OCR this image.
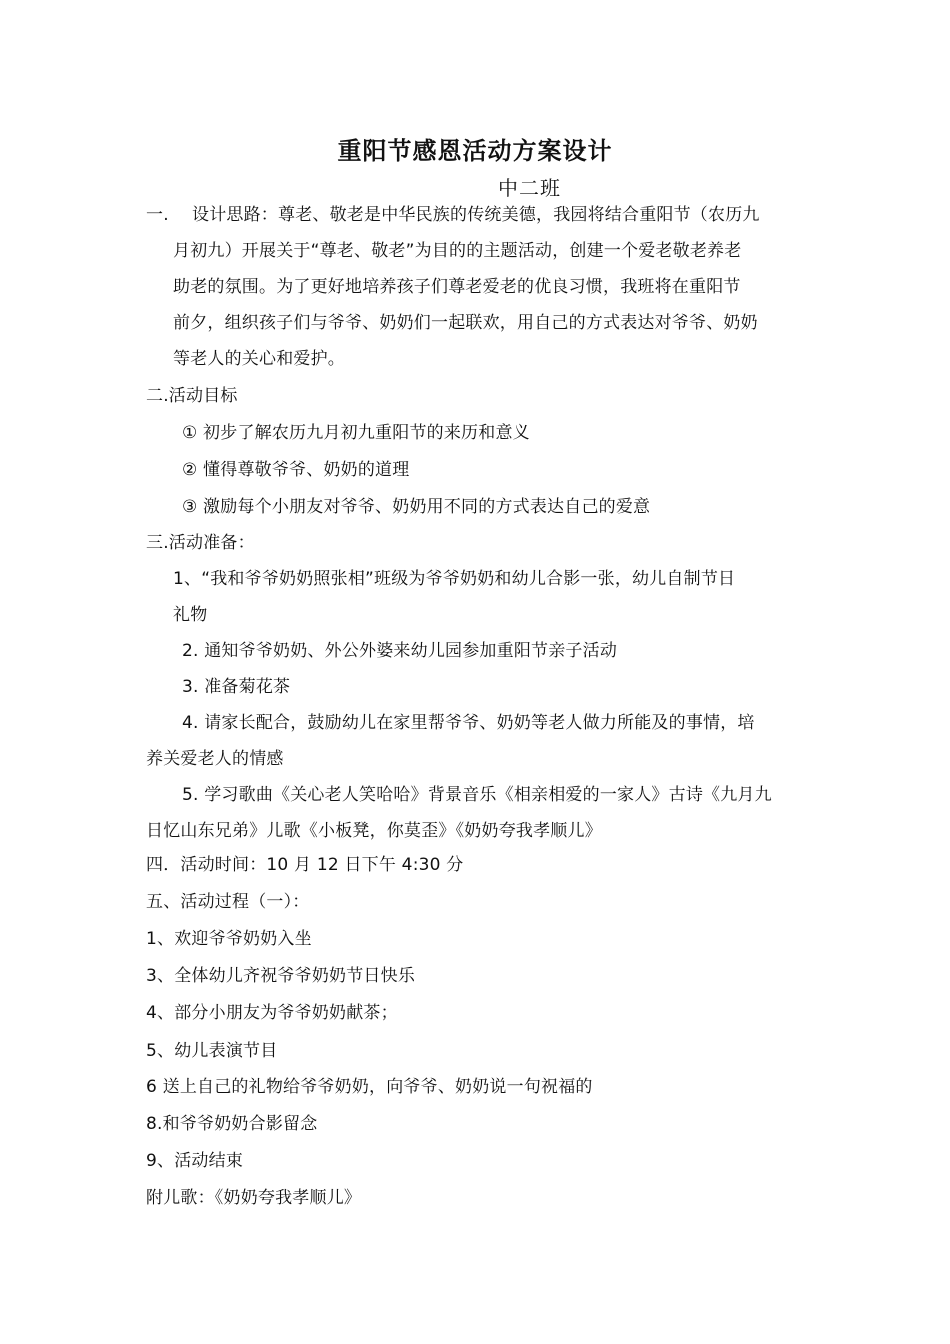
重阳节感恩活动方案设计
中二班
一. 设计思路：尊老、敬老是中华民族的传统美德，我园将结合重阳节（农历九
月初九）开展关于“尊老、敬老”为目的的主题活动，创建一个爱老敬老养老
助老的氛围。为了更好地培养孩子们尊老爱老的优良习惯，我班将在重阳节
前夕，组织孩子们与爷爷、奶奶们一起联欢，用自己的方式表达对爷爷、奶奶
等老人的关心和爱护。
二.活动目标
① 初步了解农历九月初九重阳节的来历和意义
② 懂得尊敬爷爷、奶奶的道理
③ 激励每个小朋友对爷爷、奶奶用不同的方式表达自己的爱意
三.活动准备：
1、“我和爷爷奶奶照张相”班级为爷爷奶奶和幼儿合影一张，幼儿自制节日
礼物
2. 通知爷爷奶奶、外公外婆来幼儿园参加重阳节亲子活动
3. 准备菊花茶
4. 请家长配合，鼓励幼儿在家里帮爷爷、奶奶等老人做力所能及的事情，培
养关爱老人的情感
5. 学习歌曲《关心老人笑哈哈》背景音乐《相亲相爱的一家人》古诗《九月九
日忆山东兄弟》儿歌《小板凳，你莫歪》《奶奶夸我孝顺儿》
四．活动时间：10 月 12 日下午 4:30 分
五、活动过程（一）：
1、欢迎爷爷奶奶入坐
3、全体幼儿齐祝爷爷奶奶节日快乐
4、部分小朋友为爷爷奶奶献茶；
5、幼儿表演节目
6 送上自己的礼物给爷爷奶奶，向爷爷、奶奶说一句祝福的
8.和爷爷奶奶合影留念
9、活动结束
附儿歌：《奶奶夸我孝顺儿》
